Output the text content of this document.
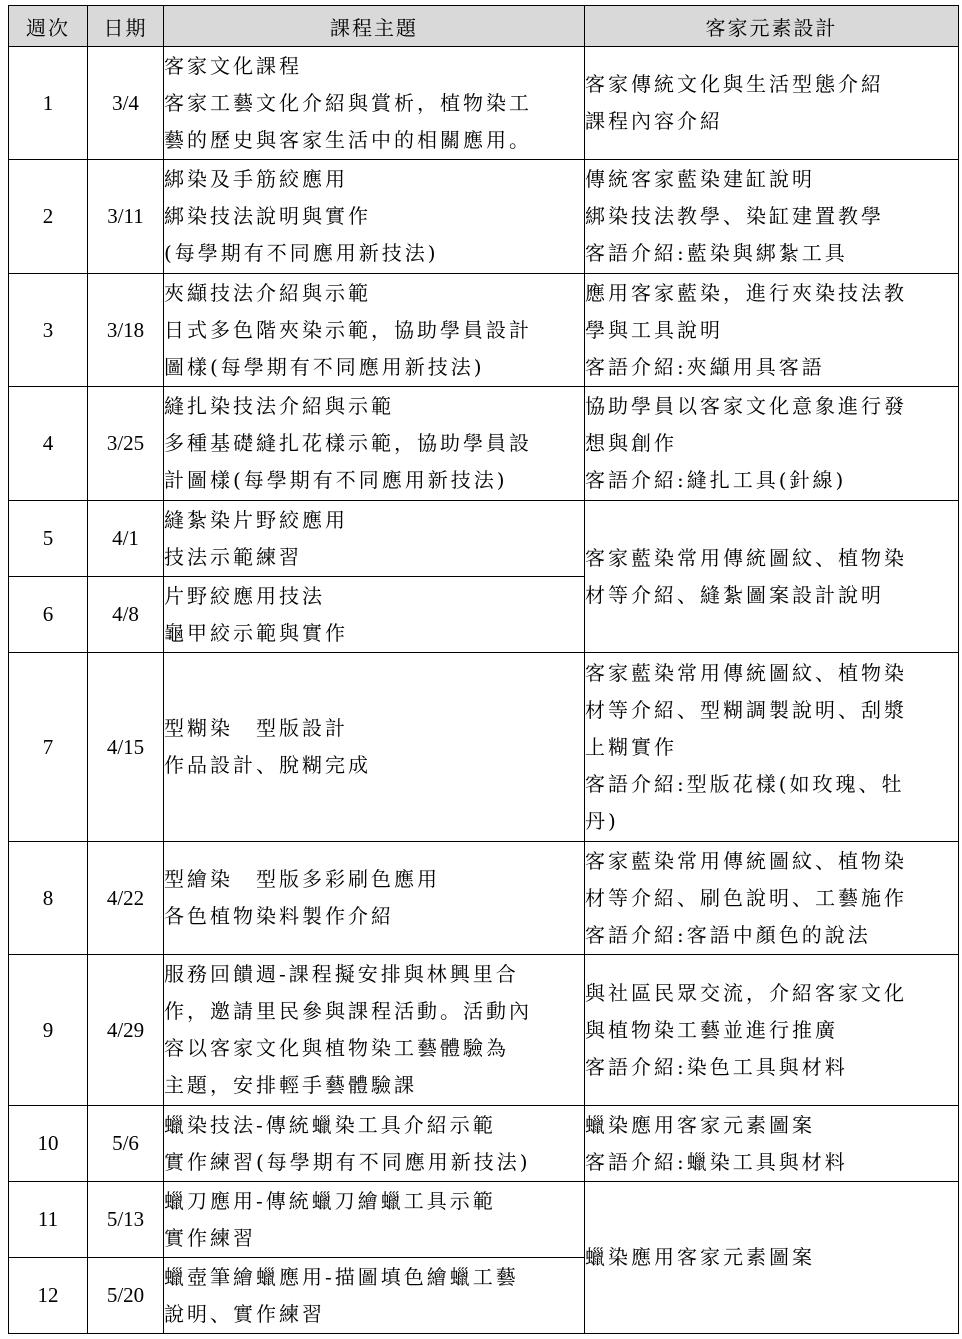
週次	日期	課程主題	客家元素設計
1	3/4	客家文化課程
客家工藝文化介紹與賞析，植物染工
藝的歷史與客家生活中的相關應用。	客家傳統文化與生活型態介紹
課程內容介紹

2	3/11	綁染及手筋絞應用
綁染技法說明與實作
(每學期有不同應用新技法)	傳統客家藍染建缸說明
綁染技法教學、染缸建置教學
客語介紹:藍染與綁紮工具

3	3/18	夾纈技法介紹與示範
日式多色階夾染示範，協助學員設計
圖樣(每學期有不同應用新技法)	應用客家藍染，進行夾染技法教
學與工具說明
客語介紹:夾纈用具客語

4	3/25	縫扎染技法介紹與示範
多種基礎縫扎花樣示範，協助學員設
計圖樣(每學期有不同應用新技法)	協助學員以客家文化意象進行發
想與創作
客語介紹:縫扎工具(針線)

5	4/1	縫紮染片野絞應用
技法示範練習	客家藍染常用傳統圖紋、植物染
材等介紹、縫紮圖案設計說明

6	4/8	片野絞應用技法
龜甲絞示範與實作	

7	4/15	型糊染　型版設計
作品設計、脫糊完成	客家藍染常用傳統圖紋、植物染
材等介紹、型糊調製說明、刮漿
上糊實作
客語介紹:型版花樣(如玫瑰、牡
丹)

8	4/22	型繪染　型版多彩刷色應用
各色植物染料製作介紹	客家藍染常用傳統圖紋、植物染
材等介紹、刷色說明、工藝施作
客語介紹:客語中顏色的說法

9	4/29	服務回饋週-課程擬安排與林興里合
作，邀請里民參與課程活動。活動內
容以客家文化與植物染工藝體驗為
主題，安排輕手藝體驗課	與社區民眾交流，介紹客家文化
與植物染工藝並進行推廣
客語介紹:染色工具與材料

10	5/6	蠟染技法-傳統蠟染工具介紹示範
實作練習(每學期有不同應用新技法)	蠟染應用客家元素圖案
客語介紹:蠟染工具與材料

11	5/13	蠟刀應用-傳統蠟刀繪蠟工具示範
實作練習	蠟染應用客家元素圖案

12	5/20	蠟壺筆繪蠟應用-描圖填色繪蠟工藝
說明、實作練習	
